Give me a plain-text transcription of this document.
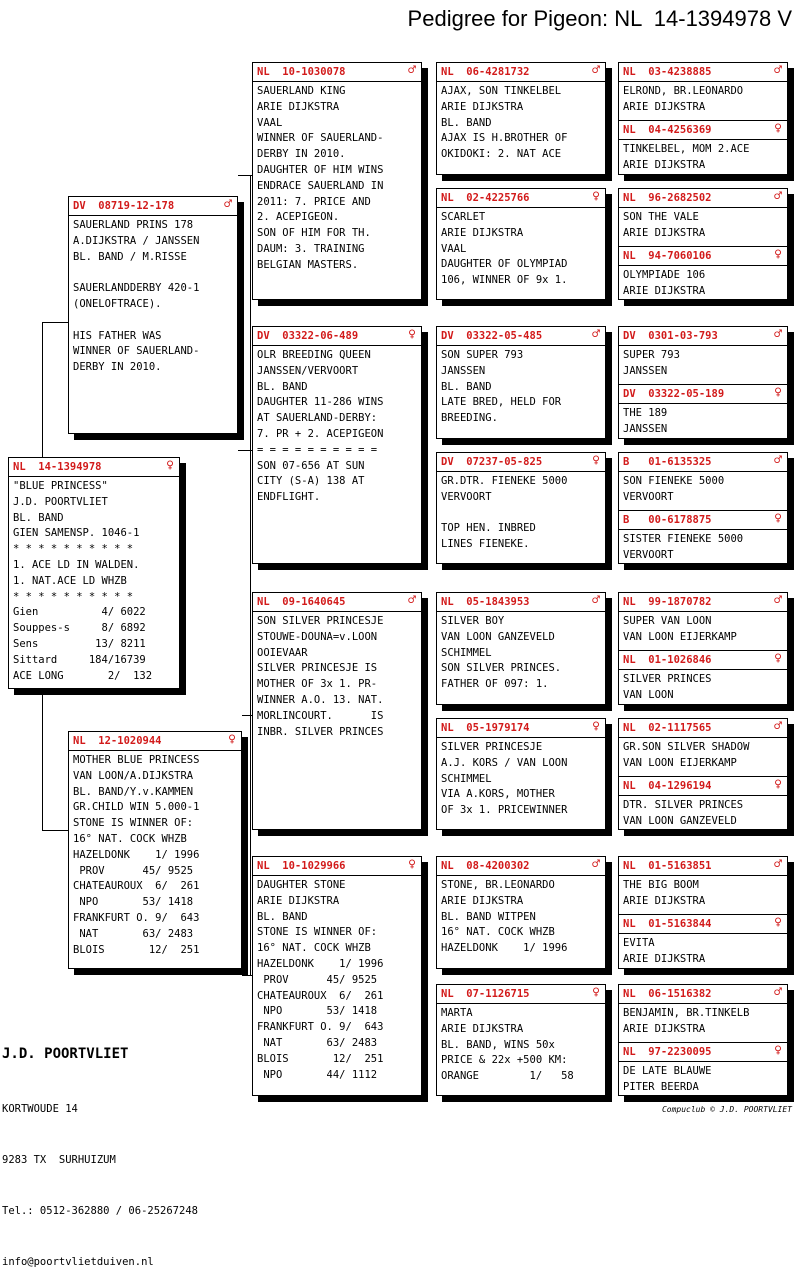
Pedigree for Pigeon: NL  14-1394978 V
NL  14-1394978	♀
"BLUE PRINCESS"
J.D. POORTVLIET
BL. BAND
GIEN SAMENSP. 1046-1
* * * * * * * * * *
1. ACE LD IN WALDEN.
1. NAT.ACE LD WHZB
* * * * * * * * * *
Gien          4/ 6022
Souppes-s     8/ 6892
Sens         13/ 8211
Sittard     184/16739
ACE LONG       2/  132
DV  08719-12-178	♂
SAUERLAND PRINS 178
A.DIJKSTRA / JANSSEN
BL. BAND / M.RISSE
SAUERLANDDERBY 420-1
(ONELOFTRACE).
HIS FATHER WAS
WINNER OF SAUERLAND-
DERBY IN 2010.
NL  12-1020944	♀
MOTHER BLUE PRINCESS
VAN LOON/A.DIJKSTRA
BL. BAND/Y.v.KAMMEN
GR.CHILD WIN 5.000-1
STONE IS WINNER OF:
16° NAT. COCK WHZB
HAZELDONK    1/ 1996
PROV      45/ 9525
CHATEAUROUX  6/  261
NPO       53/ 1418
FRANKFURT O. 9/  643
NAT       63/ 2483
BLOIS       12/  251
NL  10-1030078	♂
SAUERLAND KING
ARIE DIJKSTRA
VAAL
WINNER OF SAUERLAND-
DERBY IN 2010.
DAUGHTER OF HIM WINS
ENDRACE SAUERLAND IN
2011: 7. PRICE AND
2. ACEPIGEON.
SON OF HIM FOR TH.
DAUM: 3. TRAINING
BELGIAN MASTERS.
DV  03322-06-489	♀
OLR BREEDING QUEEN
JANSSEN/VERVOORT
BL. BAND
DAUGHTER 11-286 WINS
AT SAUERLAND-DERBY:
7. PR + 2. ACEPIGEON
= = = = = = = = = =
SON 07-656 AT SUN
CITY (S-A) 138 AT
ENDFLIGHT.
NL  09-1640645	♂
SON SILVER PRINCESJE
STOUWE-DOUNA=v.LOON
OOIEVAAR
SILVER PRINCESJE IS
MOTHER OF 3x 1. PR-
WINNER A.O. 13. NAT.
MORLINCOURT.      IS
INBR. SILVER PRINCES
NL  10-1029966	♀
DAUGHTER STONE
ARIE DIJKSTRA
BL. BAND
STONE IS WINNER OF:
16° NAT. COCK WHZB
HAZELDONK    1/ 1996
PROV      45/ 9525
CHATEAUROUX  6/  261
NPO       53/ 1418
FRANKFURT O. 9/  643
NAT       63/ 2483
BLOIS       12/  251
NPO       44/ 1112
NL  06-4281732	♂
AJAX, SON TINKELBEL
ARIE DIJKSTRA
BL. BAND
AJAX IS H.BROTHER OF
OKIDOKI: 2. NAT ACE
NL  02-4225766	♀
SCARLET
ARIE DIJKSTRA
VAAL
DAUGHTER OF OLYMPIAD
106, WINNER OF 9x 1.
DV  03322-05-485	♂
SON SUPER 793
JANSSEN
BL. BAND
LATE BRED, HELD FOR
BREEDING.
DV  07237-05-825	♀
GR.DTR. FIENEKE 5000
VERVOORT
TOP HEN. INBRED
LINES FIENEKE.
NL  05-1843953	♂
SILVER BOY
VAN LOON GANZEVELD
SCHIMMEL
SON SILVER PRINCES.
FATHER OF 097: 1.
NL  05-1979174	♀
SILVER PRINCESJE
A.J. KORS / VAN LOON
SCHIMMEL
VIA A.KORS, MOTHER
OF 3x 1. PRICEWINNER
NL  08-4200302	♂
STONE, BR.LEONARDO
ARIE DIJKSTRA
BL. BAND WITPEN
16° NAT. COCK WHZB
HAZELDONK    1/ 1996
NL  07-1126715	♀
MARTA
ARIE DIJKSTRA
BL. BAND, WINS 50x
PRICE & 22x +500 KM:
ORANGE        1/   58
NL  03-4238885	♂
ELROND, BR.LEONARDO
ARIE DIJKSTRA
NL  04-4256369	♀
TINKELBEL, MOM 2.ACE
ARIE DIJKSTRA
NL  96-2682502	♂
SON THE VALE
ARIE DIJKSTRA
NL  94-7060106	♀
OLYMPIADE 106
ARIE DIJKSTRA
DV  0301-03-793	♂
SUPER 793
JANSSEN
DV  03322-05-189	♀
THE 189
JANSSEN
B   01-6135325	♂
SON FIENEKE 5000
VERVOORT
B   00-6178875	♀
SISTER FIENEKE 5000
VERVOORT
NL  99-1870782	♂
SUPER VAN LOON
VAN LOON EIJERKAMP
NL  01-1026846	♀
SILVER PRINCES
VAN LOON
NL  02-1117565	♂
GR.SON SILVER SHADOW
VAN LOON EIJERKAMP
NL  04-1296194	♀
DTR. SILVER PRINCES
VAN LOON GANZEVELD
NL  01-5163851	♂
THE BIG BOOM
ARIE DIJKSTRA
NL  01-5163844	♀
EVITA
ARIE DIJKSTRA
NL  06-1516382	♂
BENJAMIN, BR.TINKELB
ARIE DIJKSTRA
NL  97-2230095	♀
DE LATE BLAUWE
PITER BEERDA

J.D. POORTVLIET

KORTWOUDE 14

9283 TX  SURHUIZUM

Tel.: 0512-362880 / 06-25267248

info@poortvlietduiven.nl

Compuclub © J.D. POORTVLIET
